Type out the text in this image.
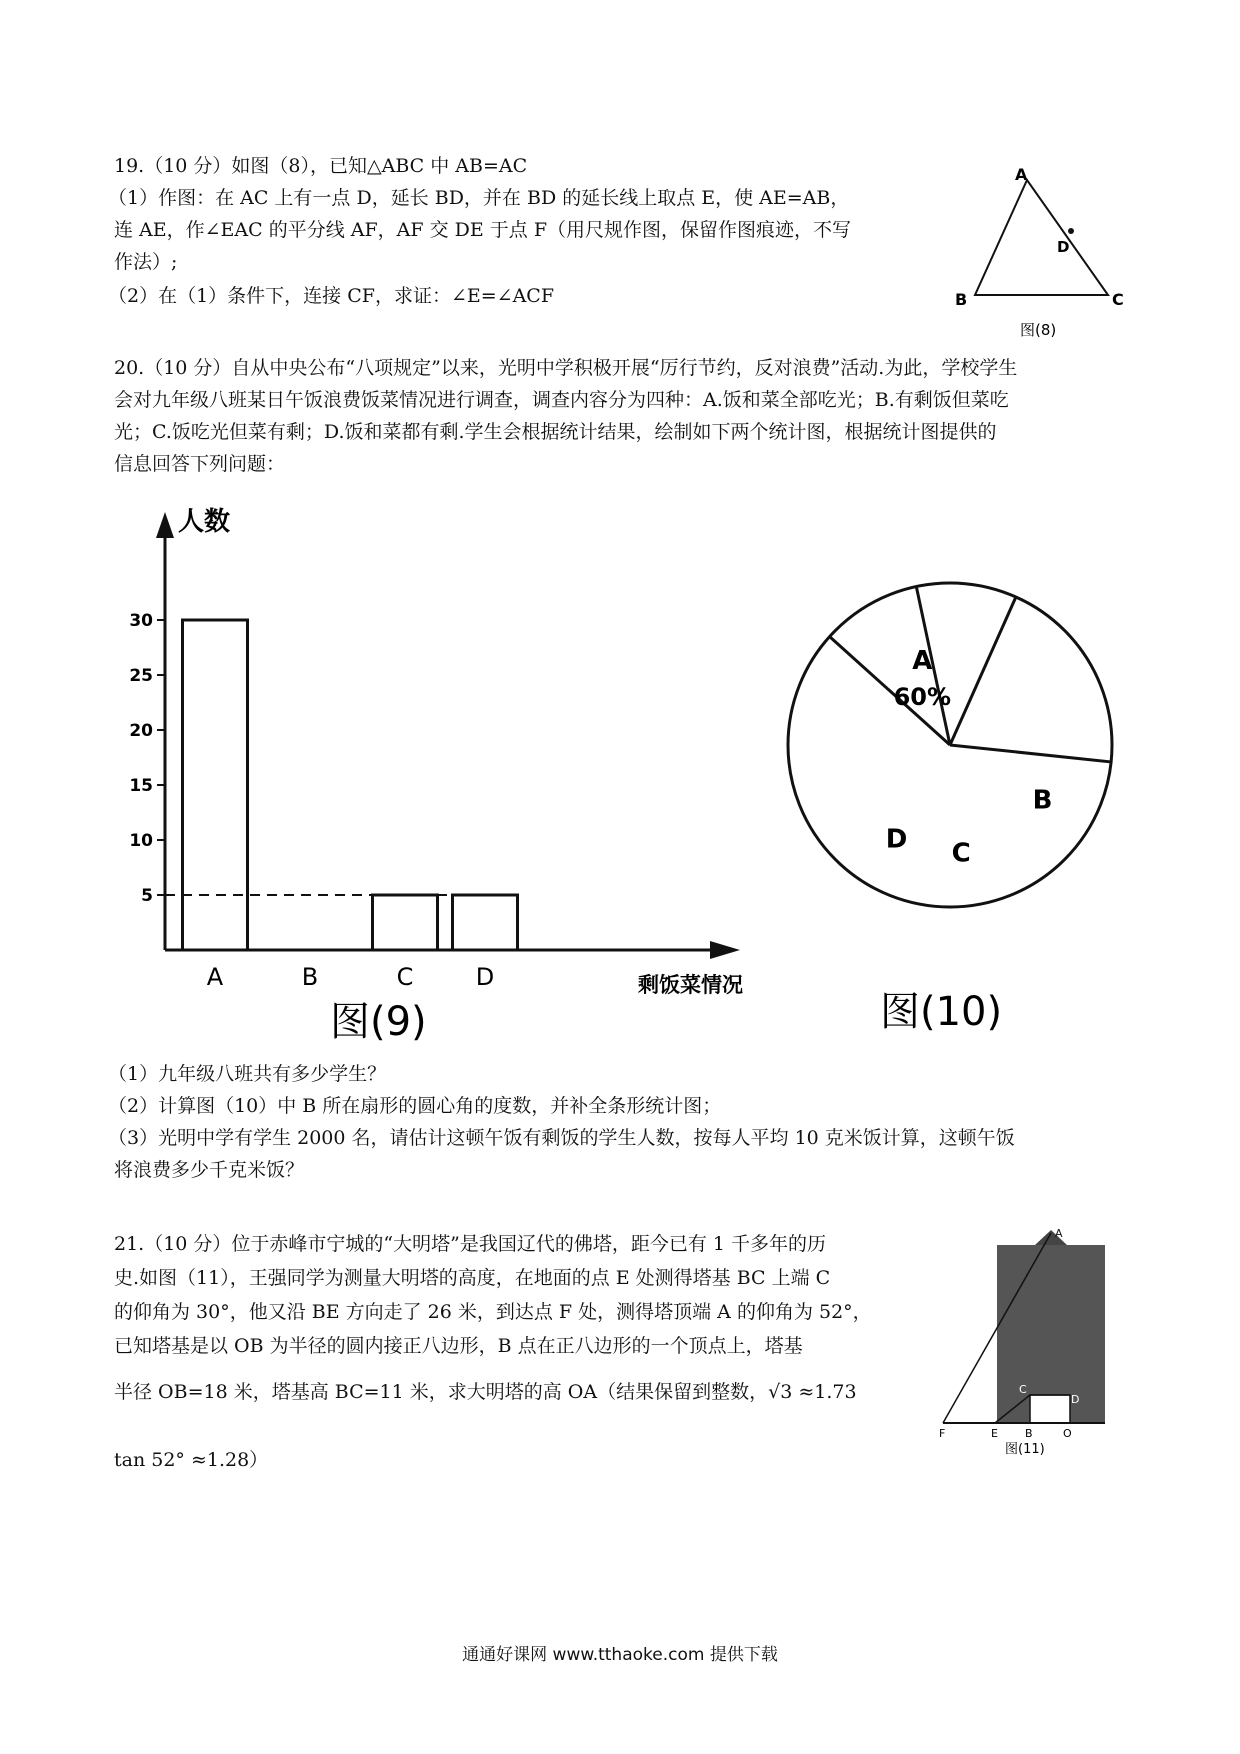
19.（10 分）如图（8），已知△ABC 中 AB=AC

（1）作图：在 AC 上有一点 D，延长 BD，并在 BD 的延长线上取点 E，使 AE=AB，

连 AE，作∠EAC 的平分线 AF，AF 交 DE 于点 F（用尺规作图，保留作图痕迹，不写

作法）;

（2）在（1）条件下，连接 CF，求证：∠E=∠ACF

A
B	C
D
图(8)

20.（10 分）自从中央公布“八项规定”以来，光明中学积极开展“厉行节约，反对浪费”活动.为此，学校学生

会对九年级八班某日午饭浪费饭菜情况进行调查，调查内容分为四种：A.饭和菜全部吃光；B.有剩饭但菜吃

光；C.饭吃光但菜有剩；D.饭和菜都有剩.学生会根据统计结果，绘制如下两个统计图，根据统计图提供的

信息回答下列问题：

人数
剩饭菜情况
图(9)
5
10
15
20
25
30
A	B	C	D
A
60%
B
C
D
图(10)

（1）九年级八班共有多少学生？

（2）计算图（10）中 B 所在扇形的圆心角的度数，并补全条形统计图；

（3）光明中学有学生 2000 名，请估计这顿午饭有剩饭的学生人数，按每人平均 10 克米饭计算，这顿午饭

将浪费多少千克米饭？

21.（10 分）位于赤峰市宁城的“大明塔”是我国辽代的佛塔，距今已有 1 千多年的历

史.如图（11），王强同学为测量大明塔的高度，在地面的点 E 处测得塔基 BC 上端 C

的仰角为 30°，他又沿 BE 方向走了 26 米，到达点 F 处，测得塔顶端 A 的仰角为 52°，

已知塔基是以 OB 为半径的圆内接正八边形，B 点在正八边形的一个顶点上，塔基

半径 OB=18 米，塔基高 BC=11 米，求大明塔的高 OA（结果保留到整数，√3 ≈1.73

tan 52° ≈1.28）

A
C
D
F	E B	O
图(11)
通通好课网 www.tthaoke.com 提供下载
